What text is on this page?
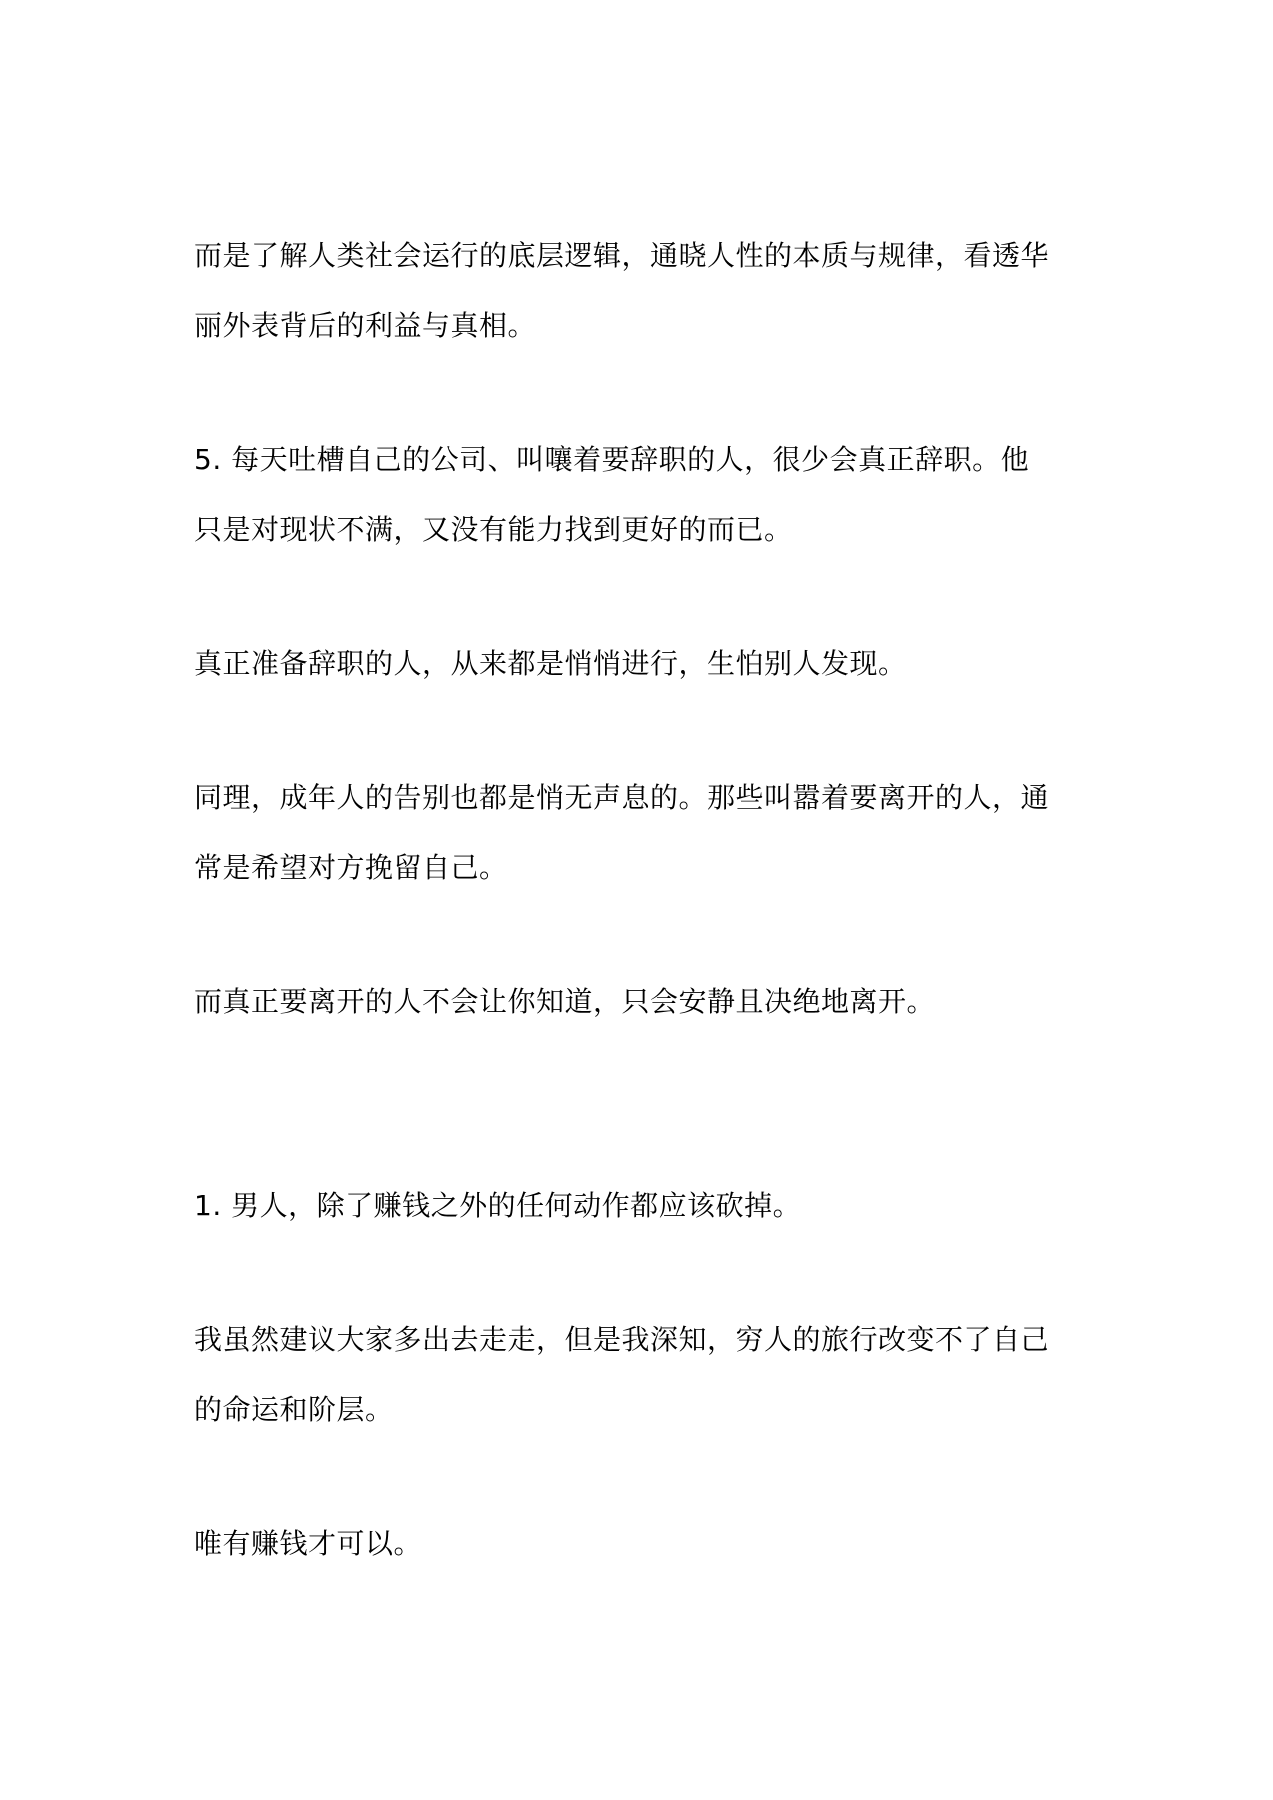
而是了解人类社会运行的底层逻辑，通晓人性的本质与规律，看透华
丽外表背后的利益与真相。
5. 每天吐槽自己的公司、叫嚷着要辞职的人，很少会真正辞职。他
只是对现状不满，又没有能力找到更好的而已。
真正准备辞职的人，从来都是悄悄进行，生怕别人发现。
同理，成年人的告别也都是悄无声息的。那些叫嚣着要离开的人，通
常是希望对方挽留自己。
而真正要离开的人不会让你知道，只会安静且决绝地离开。
1. 男人，除了赚钱之外的任何动作都应该砍掉。
我虽然建议大家多出去走走，但是我深知，穷人的旅行改变不了自己
的命运和阶层。
唯有赚钱才可以。
